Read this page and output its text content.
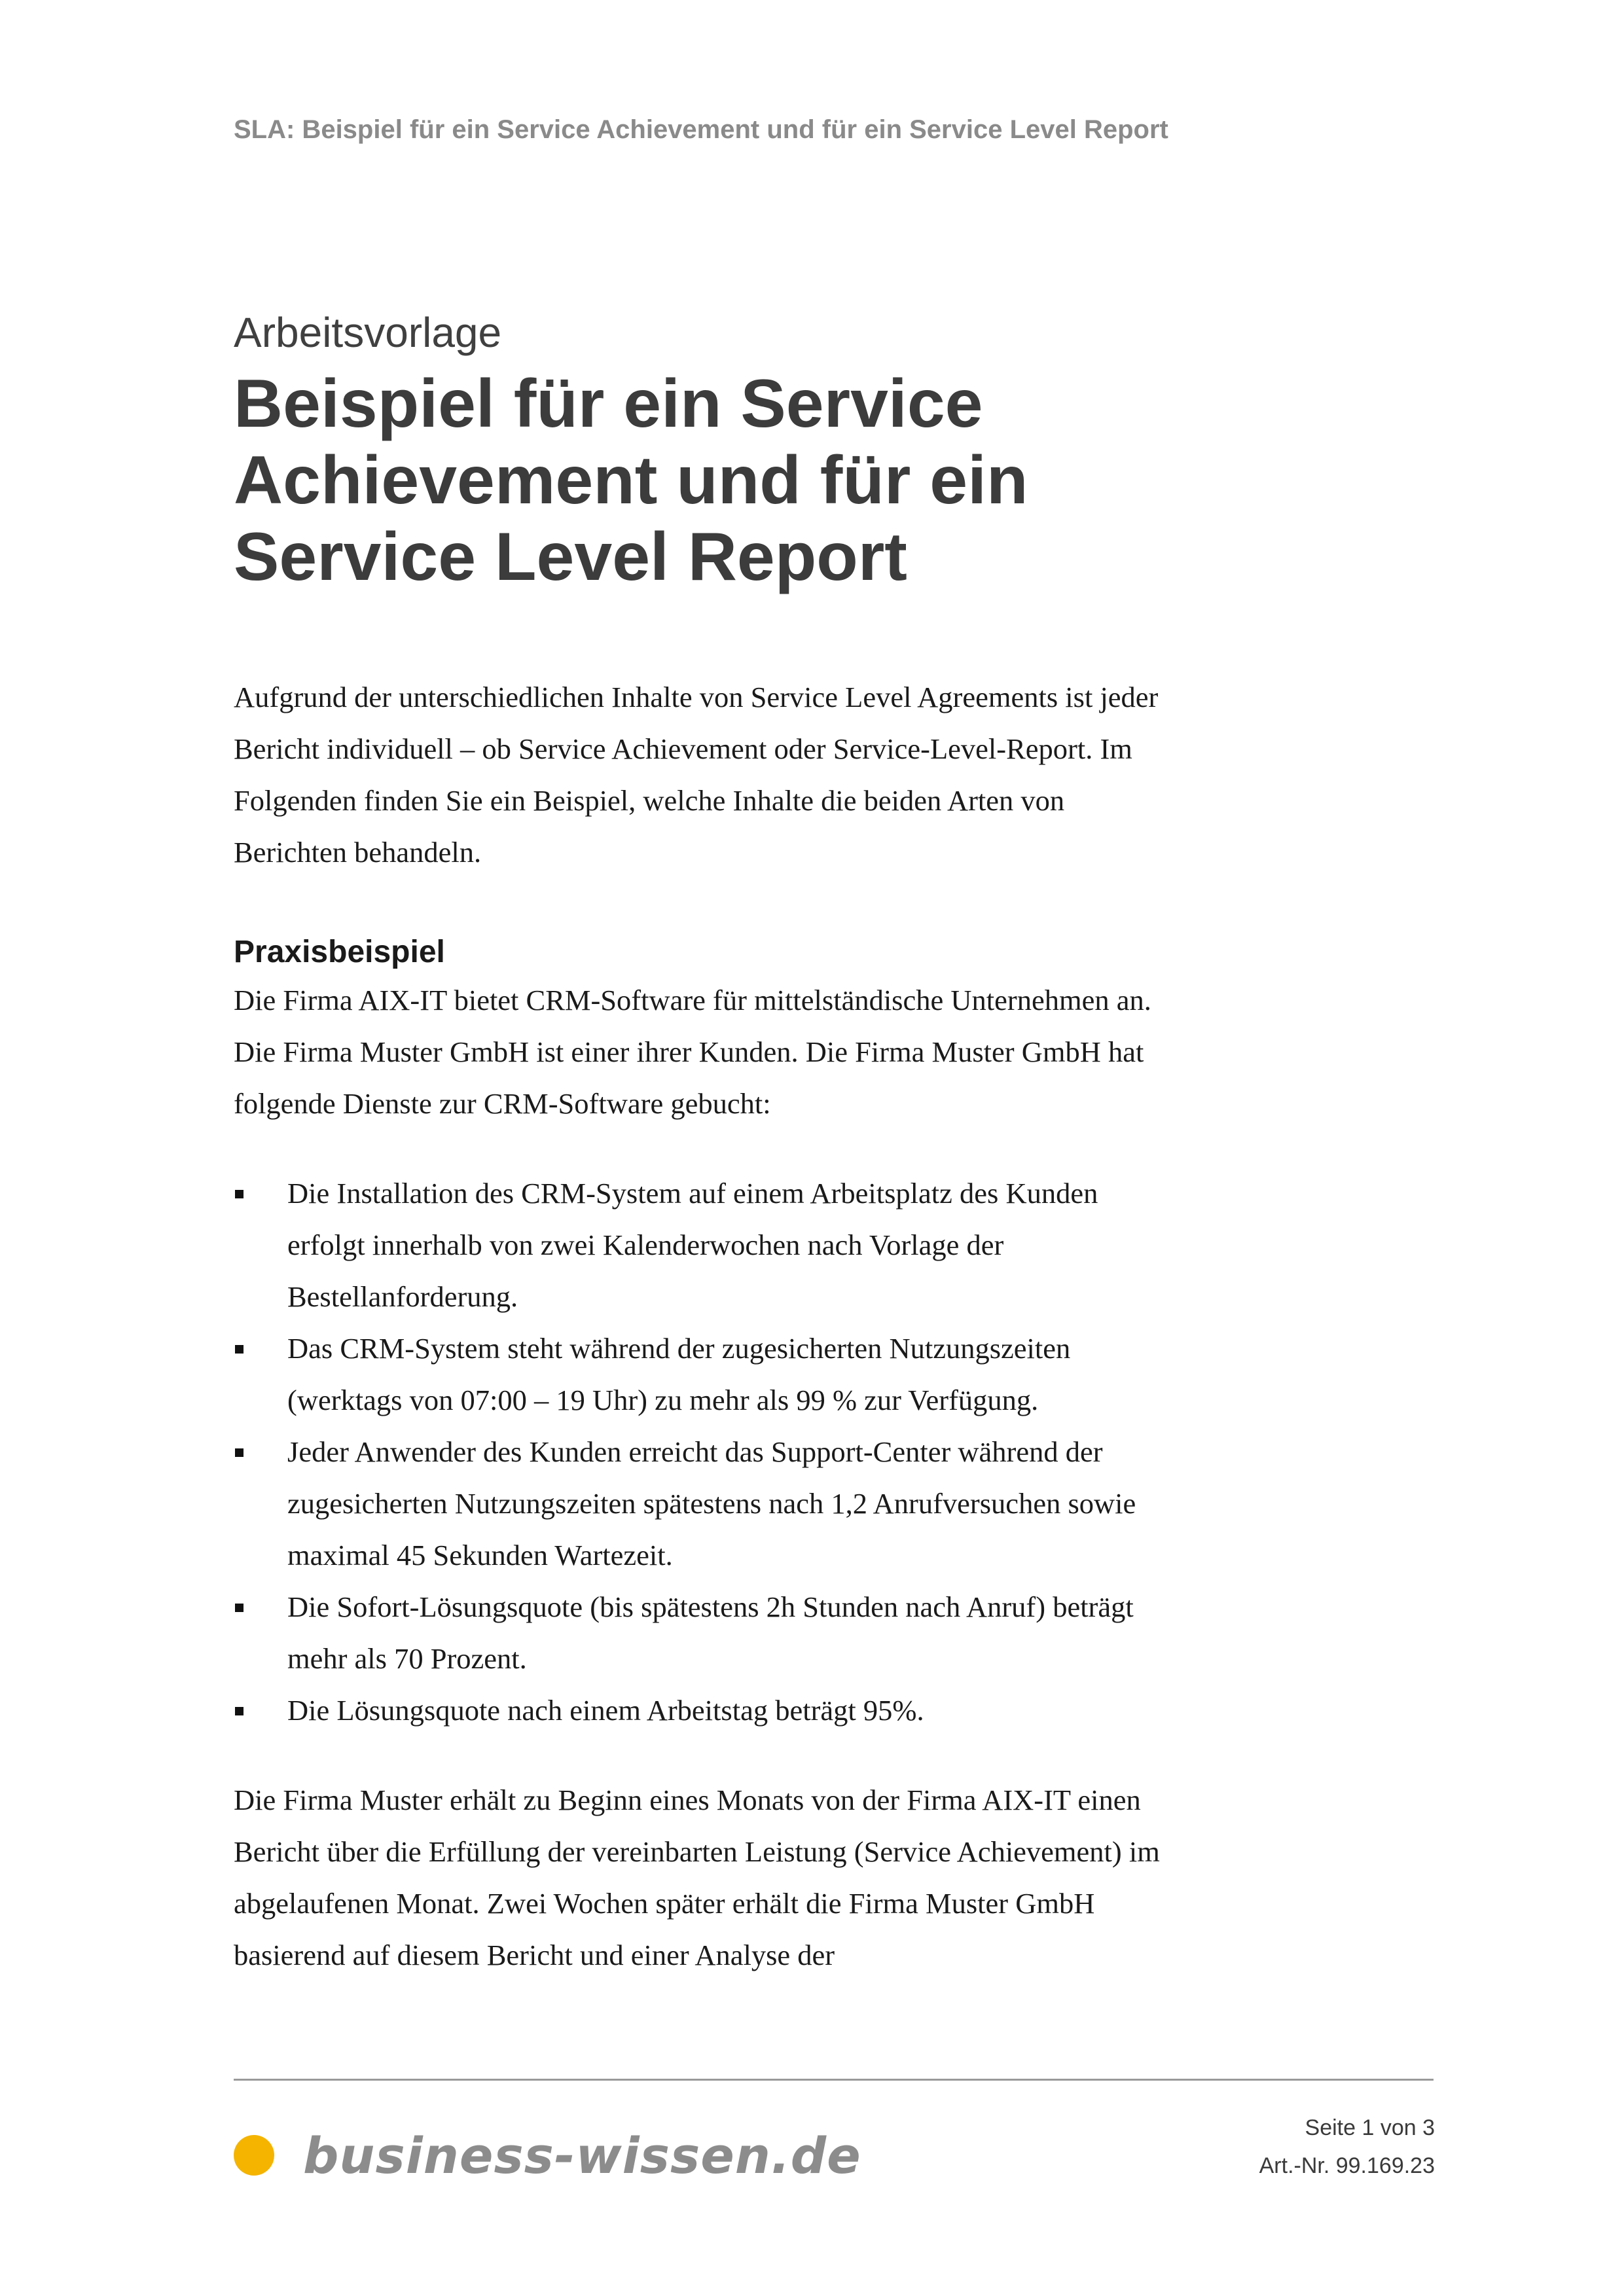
SLA: Beispiel für ein Service Achievement und für ein Service Level Report
Arbeitsvorlage
Beispiel für ein Service
Achievement und für ein
Service Level Report

Aufgrund der unterschiedlichen Inhalte von Service Level Agreements ist jeder Bericht individuell – ob Service Achievement oder Service-Level-Report. Im Folgenden finden Sie ein Beispiel, welche Inhalte die beiden Arten von Berichten behandeln.

Praxisbeispiel

Die Firma AIX-IT bietet CRM-Software für mittelständische Unternehmen an. Die Firma Muster GmbH ist einer ihrer Kunden. Die Firma Muster GmbH hat folgende Dienste zur CRM-Software gebucht:

Die Installation des CRM-System auf einem Arbeitsplatz des Kunden erfolgt innerhalb von zwei Kalenderwochen nach Vorlage der Bestellanforderung.
Das CRM-System steht während der zugesicherten Nutzungszeiten (werktags von 07:00 – 19 Uhr) zu mehr als 99 % zur Verfügung.
Jeder Anwender des Kunden erreicht das Support-Center während der zugesicherten Nutzungszeiten spätestens nach 1,2 Anrufversuchen sowie maximal 45 Sekunden Wartezeit.
Die Sofort-Lösungsquote (bis spätestens 2h Stunden nach Anruf) beträgt mehr als 70 Prozent.
Die Lösungsquote nach einem Arbeitstag beträgt 95%.

Die Firma Muster erhält zu Beginn eines Monats von der Firma AIX-IT einen Bericht über die Erfüllung der vereinbarten Leistung (Service Achievement) im abgelaufenen Monat. Zwei Wochen später erhält die Firma Muster GmbH basierend auf diesem Bericht und einer Analyse der

business-wissen.de	Seite 1 von 3
Art.-Nr. 99.169.23
